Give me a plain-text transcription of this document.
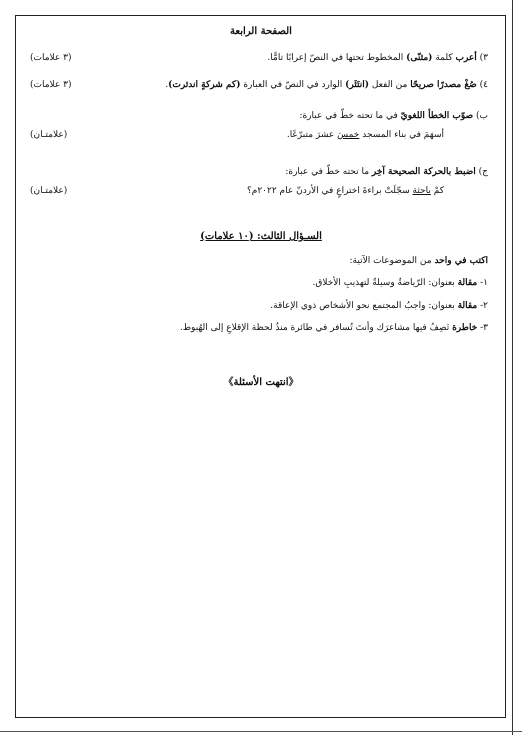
الصفحة الرابعة
٣) أعرب كلمة (مثنّى) المخطوط تحتها في النصّ إعرابًا تامًّا.
(٣ علامات)
٤) صُغْ مصدرًا صريحًا من الفعل (انتَثَر) الوارد في النصّ في العبارة (كم شركةٍ اندثرت).
(٣ علامات)
ب) صوّب الخطأ اللغويّ في ما تحته خطّ في عبارة:
أسهَمَ في بناء المسجد خمسَ عشرَ متبرّعًا.
(علامتـان)
ج) اضبط بالحركة الصحيحة آخِر ما تحته خطّ في عبارة:
كمْ باحثة سجّلَتْ براءةَ اختراعٍ في الأردنّ عام ٢٠٢٢م؟
(علامتـان)
السـؤال الثالث: (١٠ علامات)
اكتب في واحد من الموضوعات الآتية:
١- مقالة بعنوان: الرّياضةُ وسيلةٌ لتهذيبِ الأخلاق.
٢- مقالة بعنوان: واجبُ المجتمع نحو الأشخاص ذوي الإعاقة.
٣- خاطرة تَصِفُ فيها مشاعرَك وأنتَ تُسافر في طائرة منذُ لحظة الإقلاعِ إلى الهُبوط.
《انتهت الأسئلة》
